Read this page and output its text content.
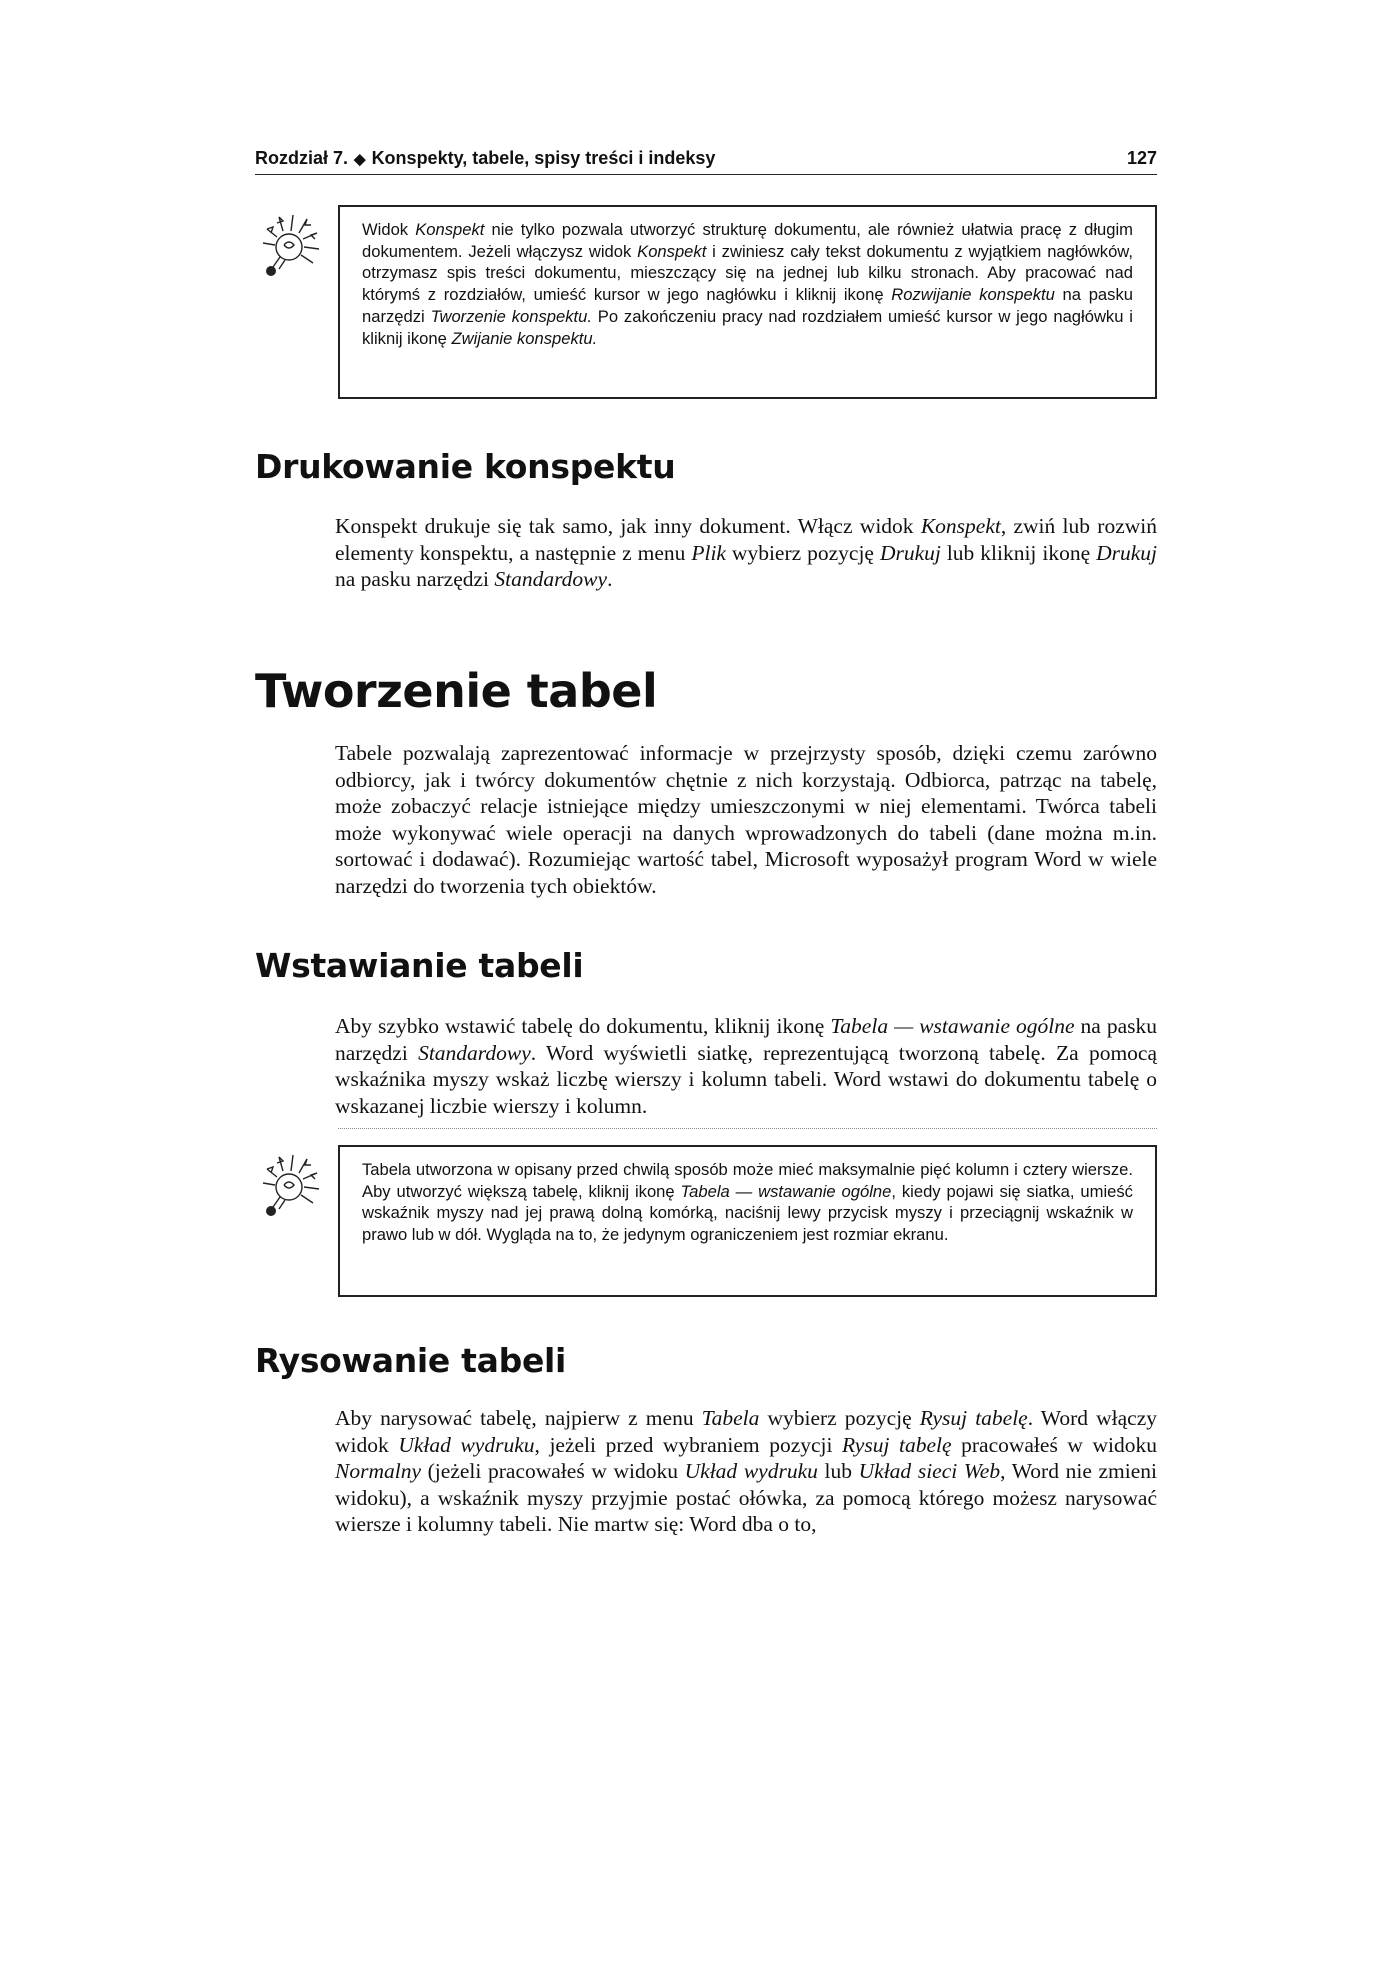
Rozdział 7. ◆ Konspekty, tabele, spisy treści i indeksy	127

Widok Konspekt nie tylko pozwala utworzyć strukturę dokumentu, ale również ułatwia pracę z długim dokumentem. Jeżeli włączysz widok Konspekt i zwiniesz cały tekst dokumentu z wyjątkiem nagłówków, otrzymasz spis treści dokumentu, mieszczący się na jednej lub kilku stronach. Aby pracować nad którymś z rozdziałów, umieść kursor w jego nagłówku i kliknij ikonę Rozwijanie konspektu na pasku narzędzi Tworzenie konspektu. Po zakończeniu pracy nad rozdziałem umieść kursor w jego nagłówku i kliknij ikonę Zwijanie konspektu.

Drukowanie konspektu

Konspekt drukuje się tak samo, jak inny dokument. Włącz widok Konspekt, zwiń lub rozwiń elementy konspektu, a następnie z menu Plik wybierz pozycję Drukuj lub kliknij ikonę Drukuj na pasku narzędzi Standardowy.

Tworzenie tabel

Tabele pozwalają zaprezentować informacje w przejrzysty sposób, dzięki czemu zarówno odbiorcy, jak i twórcy dokumentów chętnie z nich korzystają. Odbiorca, patrząc na tabelę, może zobaczyć relacje istniejące między umieszczonymi w niej elementami. Twórca tabeli może wykonywać wiele operacji na danych wprowadzonych do tabeli (dane można m.in. sortować i dodawać). Rozumiejąc wartość tabel, Microsoft wyposażył program Word w wiele narzędzi do tworzenia tych obiektów.

Wstawianie tabeli

Aby szybko wstawić tabelę do dokumentu, kliknij ikonę Tabela — wstawanie ogólne na pasku narzędzi Standardowy. Word wyświetli siatkę, reprezentującą tworzoną tabelę. Za pomocą wskaźnika myszy wskaż liczbę wierszy i kolumn tabeli. Word wstawi do dokumentu tabelę o wskazanej liczbie wierszy i kolumn.

Tabela utworzona w opisany przed chwilą sposób może mieć maksymalnie pięć kolumn i cztery wiersze. Aby utworzyć większą tabelę, kliknij ikonę Tabela — wstawanie ogólne, kiedy pojawi się siatka, umieść wskaźnik myszy nad jej prawą dolną komórką, naciśnij lewy przycisk myszy i przeciągnij wskaźnik w prawo lub w dół. Wygląda na to, że jedynym ograniczeniem jest rozmiar ekranu.

Rysowanie tabeli

Aby narysować tabelę, najpierw z menu Tabela wybierz pozycję Rysuj tabelę. Word włączy widok Układ wydruku, jeżeli przed wybraniem pozycji Rysuj tabelę pracowałeś w widoku Normalny (jeżeli pracowałeś w widoku Układ wydruku lub Układ sieci Web, Word nie zmieni widoku), a wskaźnik myszy przyjmie postać ołówka, za pomocą którego możesz narysować wiersze i kolumny tabeli. Nie martw się: Word dba o to,
